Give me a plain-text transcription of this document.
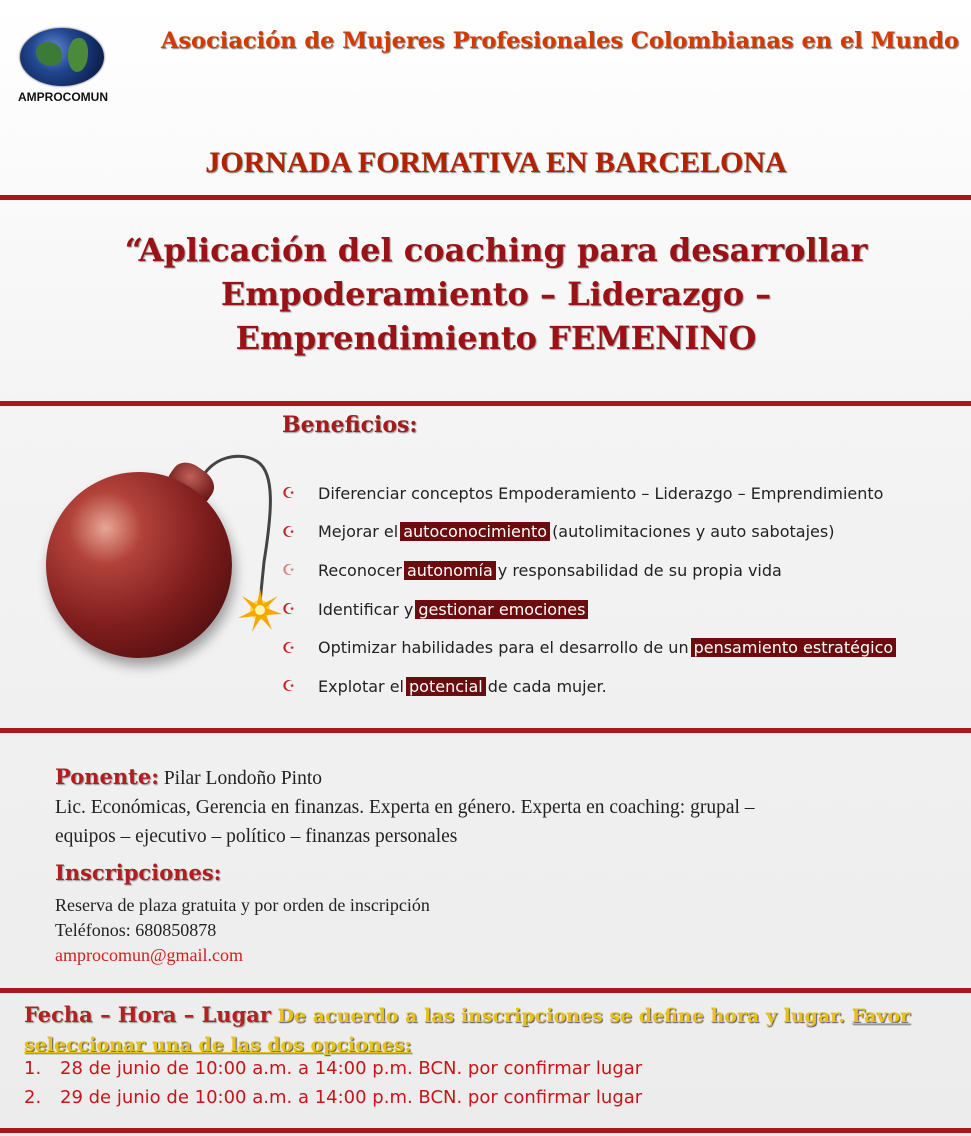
AMPROCOMUN
Asociación de Mujeres Profesionales Colombianas en el Mundo
JORNADA FORMATIVA EN BARCELONA
“Aplicación del coaching para desarrollar
Empoderamiento – Liderazgo –
Emprendimiento FEMENINO
Beneficios:
☪	Diferenciar conceptos Empoderamiento – Liderazgo – Emprendimiento
☪	Mejorar el autoconocimiento (autolimitaciones y auto sabotajes)
☪	Reconocer autonomía y responsabilidad de su propia vida
☪	Identificar y gestionar emociones
☪	Optimizar habilidades para el desarrollo de un pensamiento estratégico
☪	Explotar el potencial de cada mujer.
Ponente: Pilar Londoño Pinto
Lic. Económicas, Gerencia en finanzas. Experta en género. Experta en coaching: grupal –
equipos – ejecutivo – político – finanzas personales
Inscripciones:
Reserva de plaza gratuita y por orden de inscripción
Teléfonos: 680850878
amprocomun@gmail.com
Fecha – Hora – Lugar De acuerdo a las inscripciones se define hora y lugar. Favor
seleccionar una de las dos opciones:
1.	28 de junio de 10:00 a.m. a 14:00 p.m. BCN. por confirmar lugar
2.	29 de junio de 10:00 a.m. a 14:00 p.m. BCN. por confirmar lugar
